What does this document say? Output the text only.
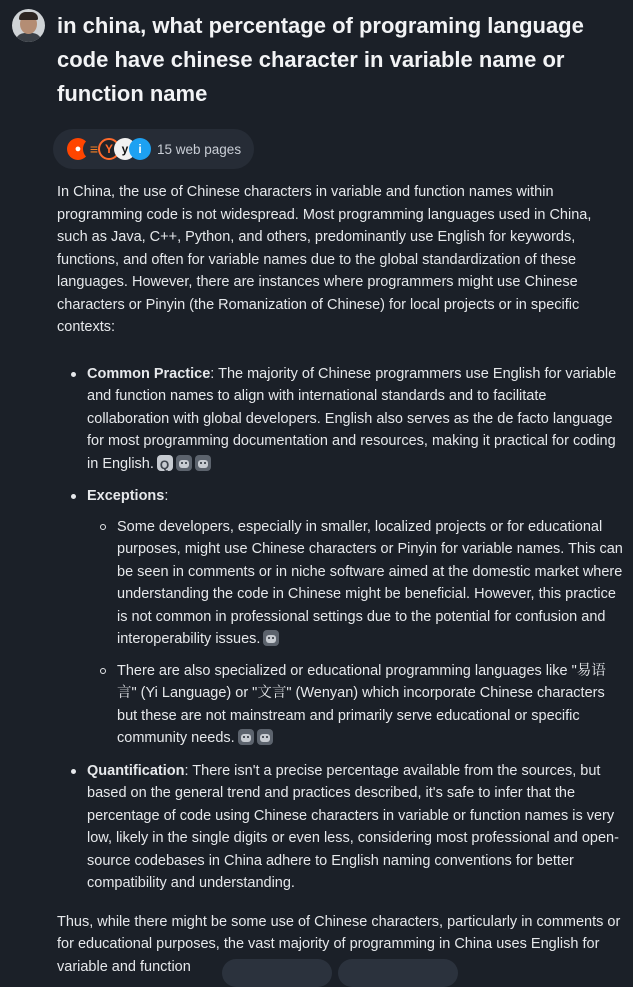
in china, what percentage of programing language code have chinese character in variable name or function name
● ≡ Y y i	15 web pages

In China, the use of Chinese characters in variable and function names within programming code is not widespread. Most programming languages used in China, such as Java, C++, Python, and others, predominantly use English for keywords, functions, and often for variable names due to the global standardization of these languages. However, there are instances where programmers might use Chinese characters or Pinyin (the Romanization of Chinese) for local projects or in specific contexts:

Common Practice: The majority of Chinese programmers use English for variable and function names to align with international standards and to facilitate collaboration with global developers. English also serves as the de facto language for most programming documentation and resources, making it practical for coding in English.Q
Exceptions:
Some developers, especially in smaller, localized projects or for educational purposes, might use Chinese characters or Pinyin for variable names. This can be seen in comments or in niche software aimed at the domestic market where understanding the code in Chinese might be beneficial. However, this practice is not common in professional settings due to the potential for confusion and interoperability issues.
There are also specialized or educational programming languages like "易语言" (Yi Language) or "文言" (Wenyan) which incorporate Chinese characters but these are not mainstream and primarily serve educational or specific community needs.
Quantification: There isn't a precise percentage available from the sources, but based on the general trend and practices described, it's safe to infer that the percentage of code using Chinese characters in variable or function names is very low, likely in the single digits or even less, considering most professional and open-source codebases in China adhere to English naming conventions for better compatibility and understanding.

Thus, while there might be some use of Chinese characters, particularly in comments or for educational purposes, the vast majority of programming in China uses English for variable and function
